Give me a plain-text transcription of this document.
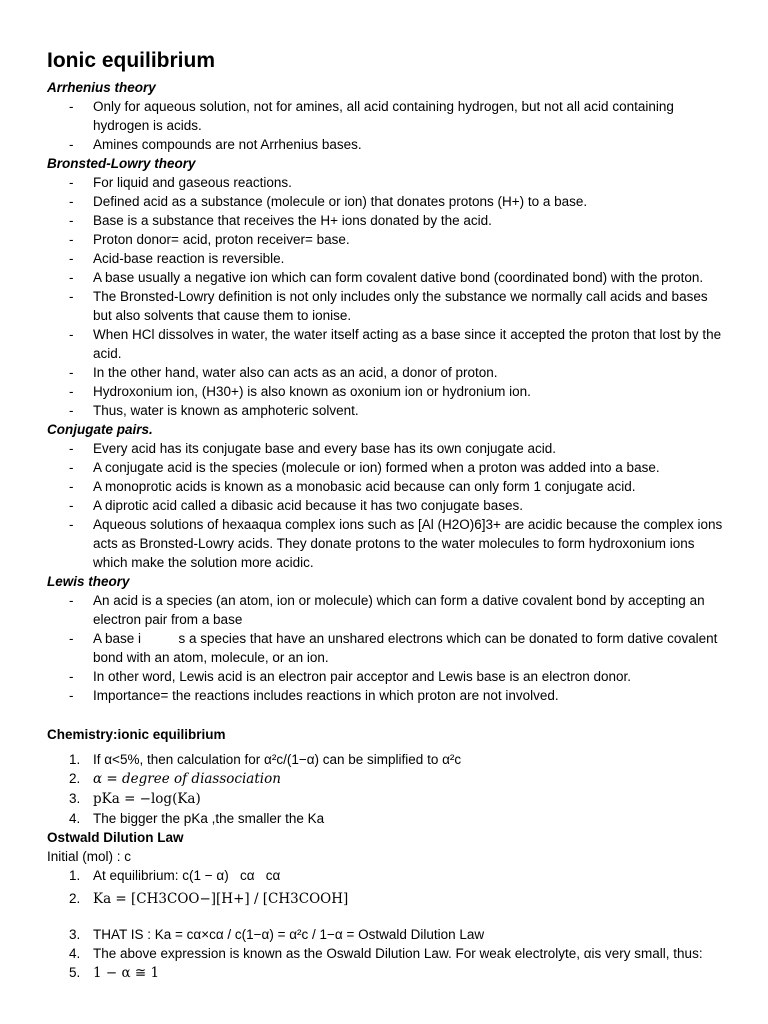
Ionic equilibrium

Arrhenius theory

- Only for aqueous solution, not for amines, all acid containing hydrogen, but not all acid containing hydrogen is acids.
- Amines compounds are not Arrhenius bases.

Bronsted-Lowry theory

- For liquid and gaseous reactions.
- Defined acid as a substance (molecule or ion) that donates protons (H+) to a base.
- Base is a substance that receives the H+ ions donated by the acid.
- Proton donor= acid, proton receiver= base.
- Acid-base reaction is reversible.
- A base usually a negative ion which can form covalent dative bond (coordinated bond) with the proton.
- The Bronsted-Lowry definition is not only includes only the substance we normally call acids and bases but also solvents that cause them to ionise.
- When HCl dissolves in water, the water itself acting as a base since it accepted the proton that lost by the acid.
- In the other hand, water also can acts as an acid, a donor of proton.
- Hydroxonium ion, (H30+) is also known as oxonium ion or hydronium ion.
- Thus, water is known as amphoteric solvent.

Conjugate pairs.

- Every acid has its conjugate base and every base has its own conjugate acid.
- A conjugate acid is the species (molecule or ion) formed when a proton was added into a base.
- A monoprotic acids is known as a monobasic acid because can only form 1 conjugate acid.
- A diprotic acid called a dibasic acid because it has two conjugate bases.
- Aqueous solutions of hexaaqua complex ions such as [Al (H2O)6]3+ are acidic because the complex ions acts as Bronsted-Lowry acids. They donate protons to the water molecules to form hydroxonium ions which make the solution more acidic.

Lewis theory

- An acid is a species (an atom, ion or molecule) which can form a dative covalent bond by accepting an electron pair from a base
- A base i          s a species that have an unshared electrons which can be donated to form dative covalent bond with an atom, molecule, or an ion.
- In other word, Lewis acid is an electron pair acceptor and Lewis base is an electron donor.
- Importance= the reactions includes reactions in which proton are not involved.
Chemistry:ionic equilibrium
1. If α<5%, then calculation for α²c/(1−α) can be simplified to α²c
2. α = degree of diassociation
3. pKa = −log(Ka)
4. The bigger the pKa ,the smaller the Ka
Ostwald Dilution Law
Initial (mol) : c
1. At equilibrium: c(1 − α)   cα   cα
2. Ka = [CH3COO−][H+] / [CH3COOH]
3. THAT IS : Ka = cα×cα / c(1−α) = α²c / 1−α = Ostwald Dilution Law
4. The above expression is known as the Oswald Dilution Law. For weak electrolyte, αis very small, thus:
5. 1 − α ≅ 1
